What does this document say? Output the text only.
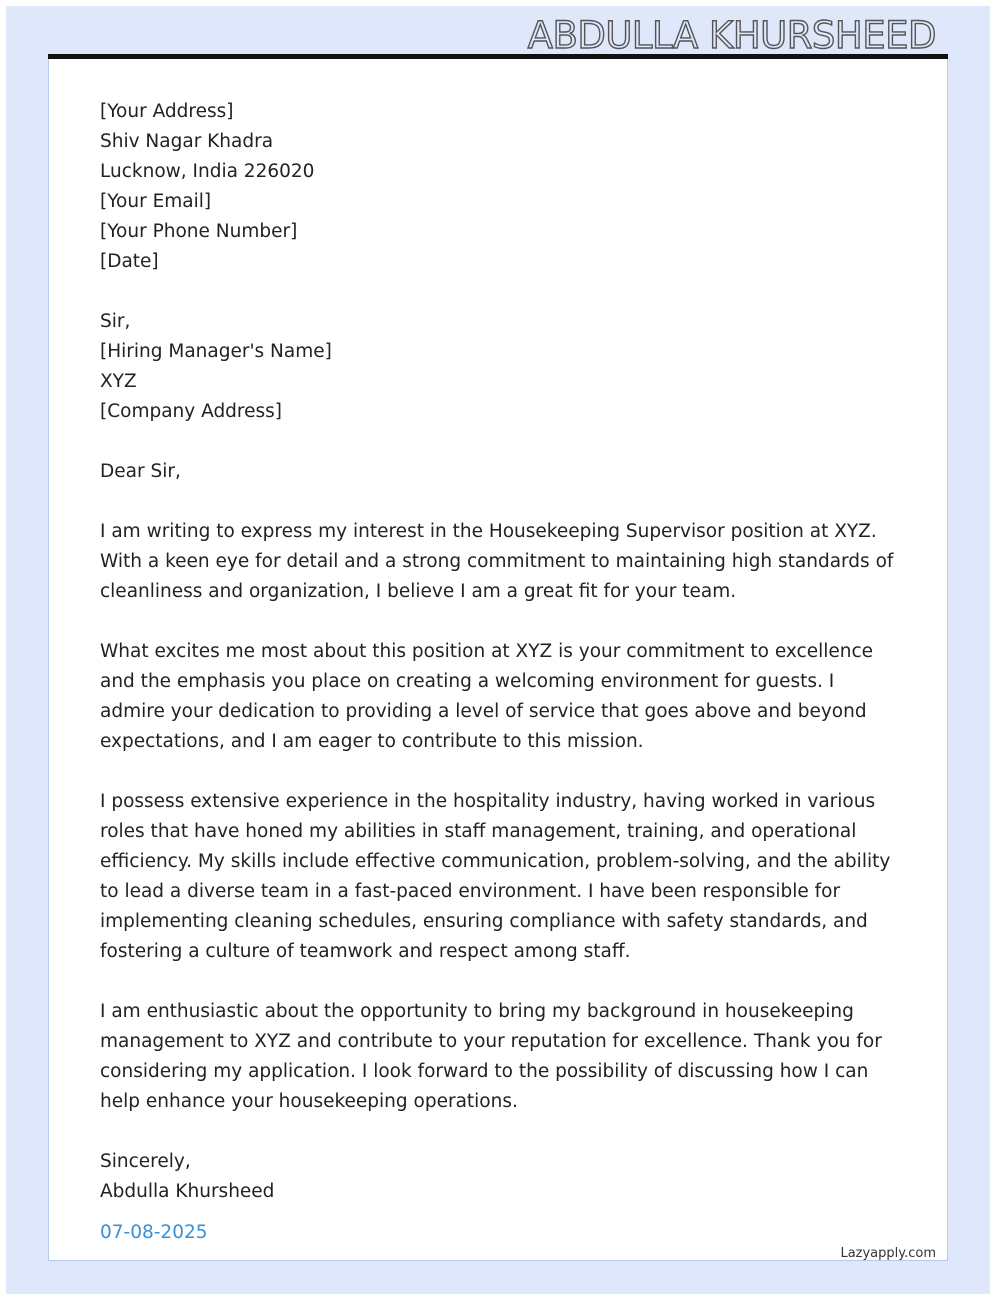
ABDULLA KHURSHEED
[Your Address]
Shiv Nagar Khadra
Lucknow, India 226020
[Your Email]
[Your Phone Number]
[Date]
Sir,
[Hiring Manager's Name]
XYZ
[Company Address]
Dear Sir,

I am writing to express my interest in the Housekeeping Supervisor position at XYZ. With a keen eye for detail and a strong commitment to maintaining high standards of cleanliness and organization, I believe I am a great fit for your team.

What excites me most about this position at XYZ is your commitment to excellence and the emphasis you place on creating a welcoming environment for guests. I admire your dedication to providing a level of service that goes above and beyond expectations, and I am eager to contribute to this mission.

I possess extensive experience in the hospitality industry, having worked in various roles that have honed my abilities in staff management, training, and operational efficiency. My skills include effective communication, problem-solving, and the ability to lead a diverse team in a fast-paced environment. I have been responsible for implementing cleaning schedules, ensuring compliance with safety standards, and fostering a culture of teamwork and respect among staff.

I am enthusiastic about the opportunity to bring my background in housekeeping management to XYZ and contribute to your reputation for excellence. Thank you for considering my application. I look forward to the possibility of discussing how I can help enhance your housekeeping operations.

Sincerely,
Abdulla Khursheed
07-08-2025
Lazyapply.com
